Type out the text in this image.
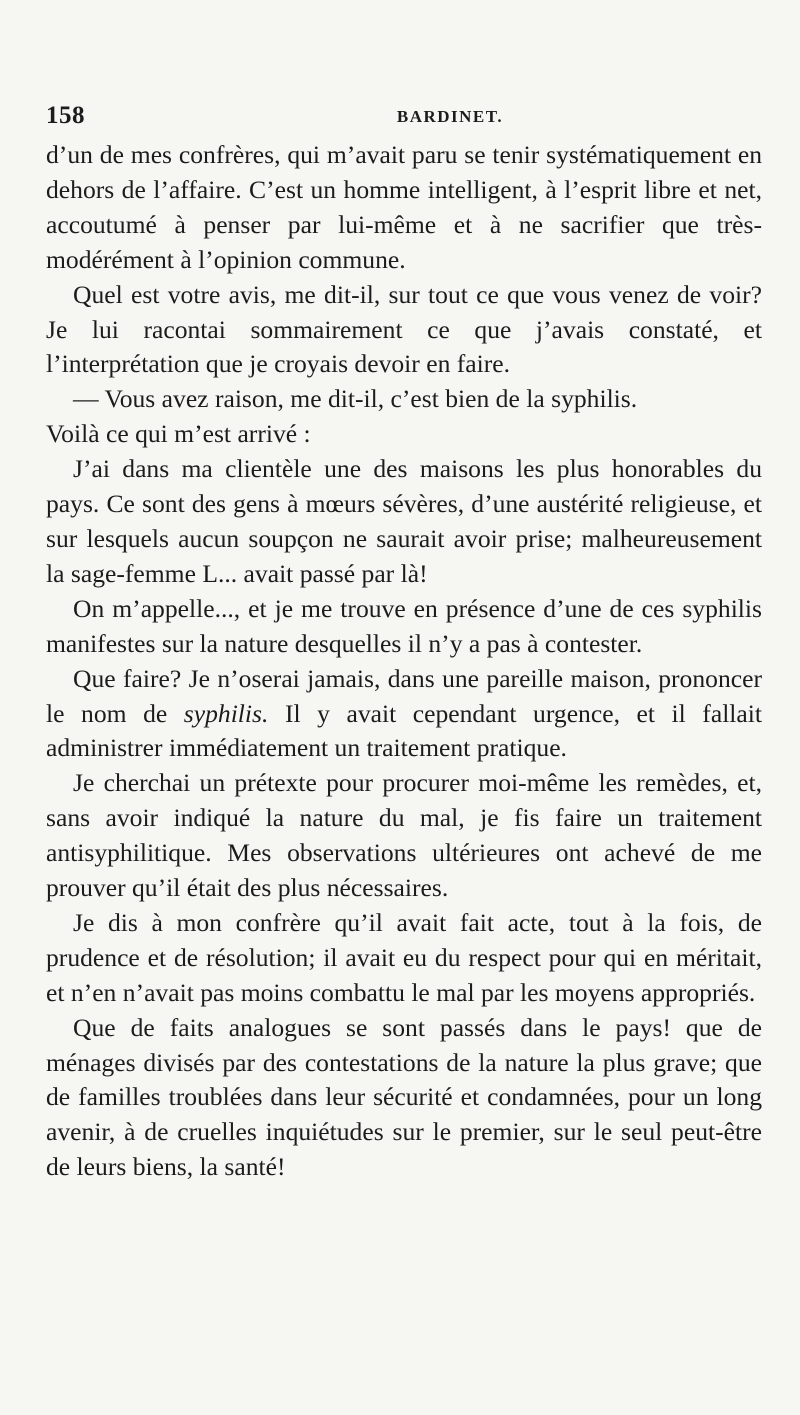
158	BARDINET.

d’un de mes confrères, qui m’avait paru se tenir systématiquement en dehors de l’affaire. C’est un homme intelligent, à l’esprit libre et net, accoutumé à penser par lui-même et à ne sacrifier que très-modérément à l’opinion commune.

Quel est votre avis, me dit-il, sur tout ce que vous venez de voir? Je lui racontai sommairement ce que j’avais constaté, et l’interprétation que je croyais devoir en faire.

— Vous avez raison, me dit-il, c’est bien de la syphilis.

Voilà ce qui m’est arrivé :

J’ai dans ma clientèle une des maisons les plus honorables du pays. Ce sont des gens à mœurs sévères, d’une austérité religieuse, et sur lesquels aucun soupçon ne saurait avoir prise; malheureusement la sage-femme L... avait passé par là!

On m’appelle..., et je me trouve en présence d’une de ces syphilis manifestes sur la nature desquelles il n’y a pas à contester.

Que faire? Je n’oserai jamais, dans une pareille maison, prononcer le nom de syphilis. Il y avait cependant urgence, et il fallait administrer immédiatement un traitement pratique.

Je cherchai un prétexte pour procurer moi-même les remèdes, et, sans avoir indiqué la nature du mal, je fis faire un traitement antisyphilitique. Mes observations ultérieures ont achevé de me prouver qu’il était des plus nécessaires.

Je dis à mon confrère qu’il avait fait acte, tout à la fois, de prudence et de résolution; il avait eu du respect pour qui en méritait, et n’en n’avait pas moins combattu le mal par les moyens appropriés.

Que de faits analogues se sont passés dans le pays! que de ménages divisés par des contestations de la nature la plus grave; que de familles troublées dans leur sécurité et condamnées, pour un long avenir, à de cruelles inquiétudes sur le premier, sur le seul peut-être de leurs biens, la santé!
